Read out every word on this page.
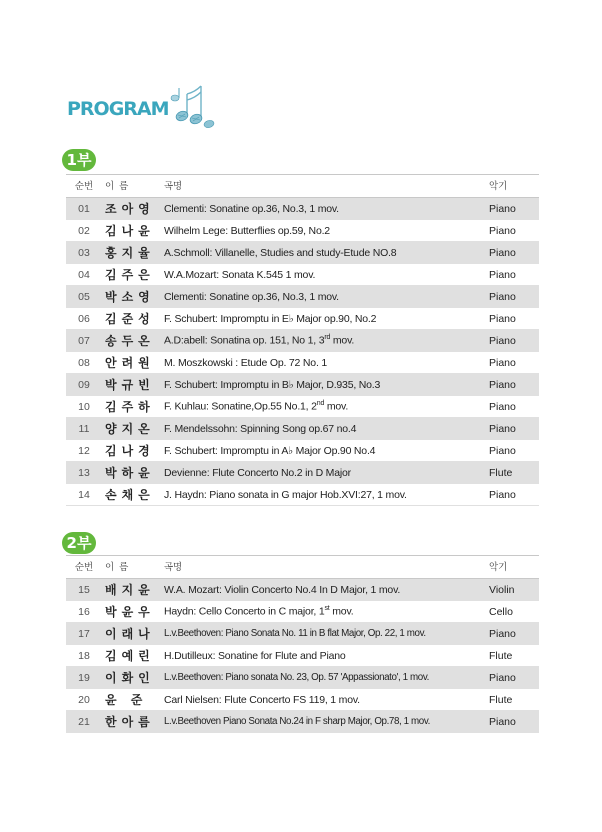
PROGRAM
1부
순번	이름	곡명	악기
01	조아영	Clementi: Sonatine op.36, No.3, 1 mov.	Piano
02	김나윤	Wilhelm Lege: Butterflies op.59, No.2	Piano
03	홍지율	A.Schmoll: Villanelle, Studies and study-Etude NO.8	Piano
04	김주은	W.A.Mozart: Sonata K.545 1 mov.	Piano
05	박소영	Clementi: Sonatine op.36, No.3, 1 mov.	Piano
06	김준성	F. Schubert: Impromptu in E♭ Major op.90, No.2	Piano
07	송두온	A.D:abell: Sonatina op. 151, No 1, 3rd mov.	Piano
08	안려원	M. Moszkowski : Etude Op. 72 No. 1	Piano
09	박규빈	F. Schubert: Impromptu in B♭ Major, D.935, No.3	Piano
10	김주하	F. Kuhlau: Sonatine,Op.55 No.1, 2nd mov.	Piano
11	양지온	F. Mendelssohn: Spinning Song op.67 no.4	Piano
12	김나경	F. Schubert: Impromptu in A♭ Major Op.90 No.4	Piano
13	박하윤	Devienne: Flute Concerto No.2 in D Major	Flute
14	손채은	J. Haydn: Piano sonata in G major Hob.XVI:27, 1 mov.	Piano
2부
순번	이름	곡명	악기
15	배지윤	W.A. Mozart: Violin Concerto No.4 In D Major, 1 mov.	Violin
16	박윤우	Haydn: Cello Concerto in C major, 1st mov.	Cello
17	이래나	L.v.Beethoven: Piano Sonata No. 11 in B flat Major, Op. 22, 1 mov.	Piano
18	김예린	H.Dutilleux: Sonatine for Flute and Piano	Flute
19	이화인	L.v.Beethoven: Piano sonata No. 23, Op. 57 'Appassionato', 1 mov.	Piano
20	윤 준	Carl Nielsen: Flute Concerto FS 119, 1 mov.	Flute
21	한아름	L.v.Beethoven Piano Sonata No.24 in F sharp Major, Op.78, 1 mov.	Piano
